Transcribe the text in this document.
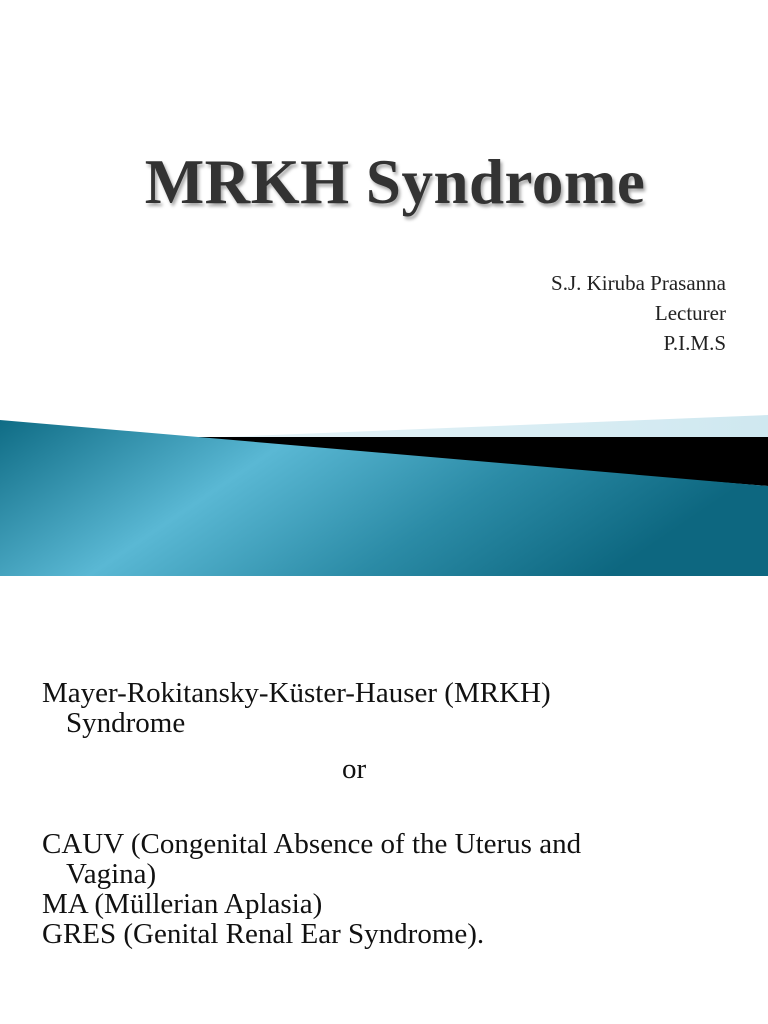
MRKH Syndrome
S.J. Kiruba Prasanna
Lecturer
P.I.M.S
Mayer-Rokitansky-Küster-Hauser (MRKH)
Syndrome
or
CAUV (Congenital Absence of the Uterus and
Vagina)
MA (Müllerian Aplasia)
GRES (Genital Renal Ear Syndrome).
